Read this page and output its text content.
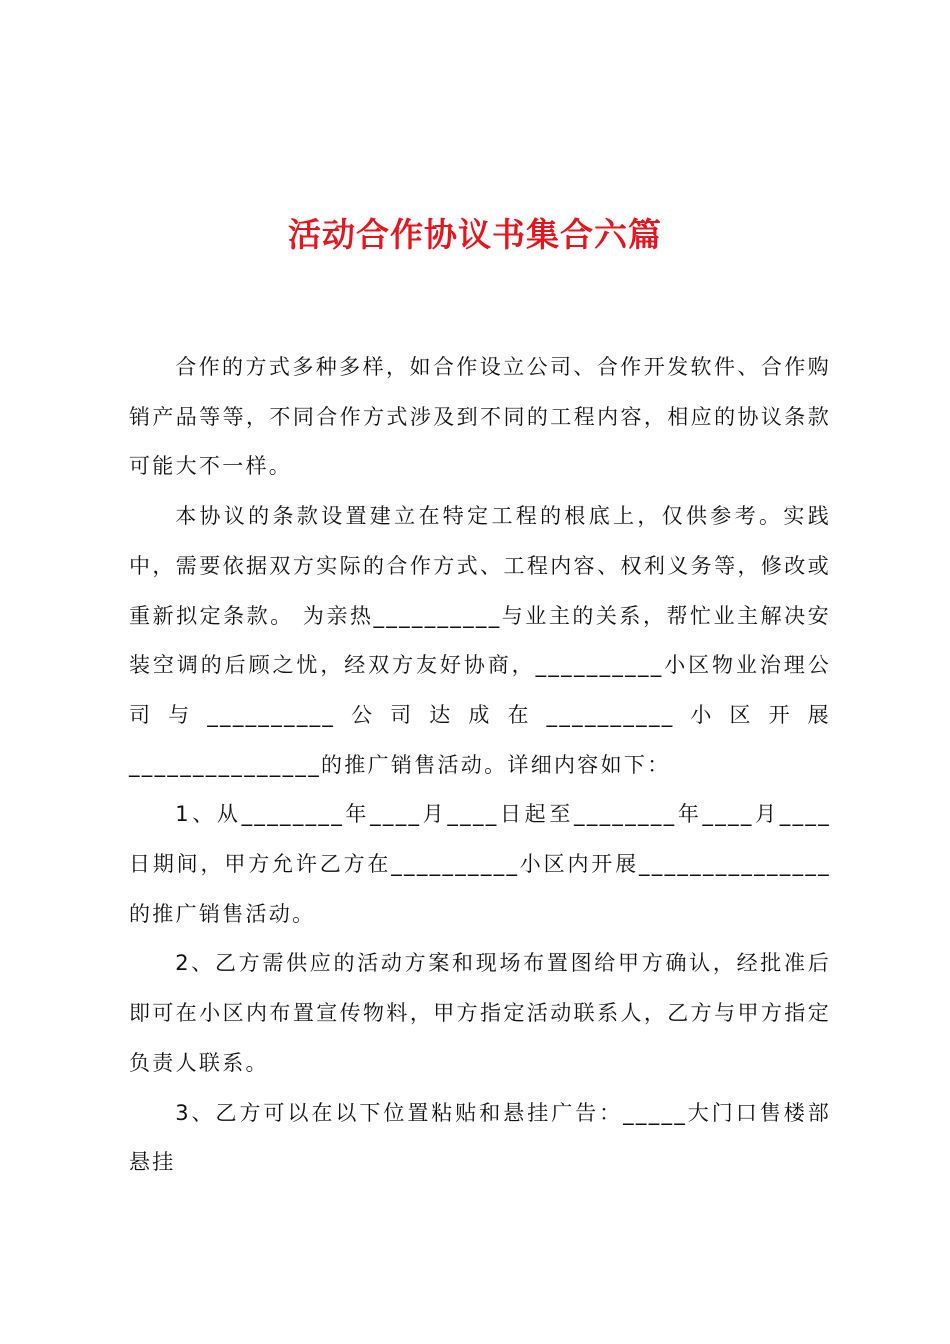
活动合作协议书集合六篇

合作的方式多种多样，如合作设立公司、合作开发软件、合作购销产品等等，不同合作方式涉及到不同的工程内容，相应的协议条款可能大不一样。

本协议的条款设置建立在特定工程的根底上，仅供参考。实践中，需要依据双方实际的合作方式、工程内容、权利义务等，修改或重新拟定条款。 为亲热__________与业主的关系，帮忙业主解决安装空调的后顾之忧，经双方友好协商，__________小区物业治理公司与__________公司达成在__________小区开展_______________的推广销售活动。详细内容如下：

1、从________年____月____日起至________年____月____日期间，甲方允许乙方在__________小区内开展_______________的推广销售活动。

2、乙方需供应的活动方案和现场布置图给甲方确认，经批准后即可在小区内布置宣传物料，甲方指定活动联系人，乙方与甲方指定负责人联系。

3、乙方可以在以下位置粘贴和悬挂广告：_____大门口售楼部悬挂
